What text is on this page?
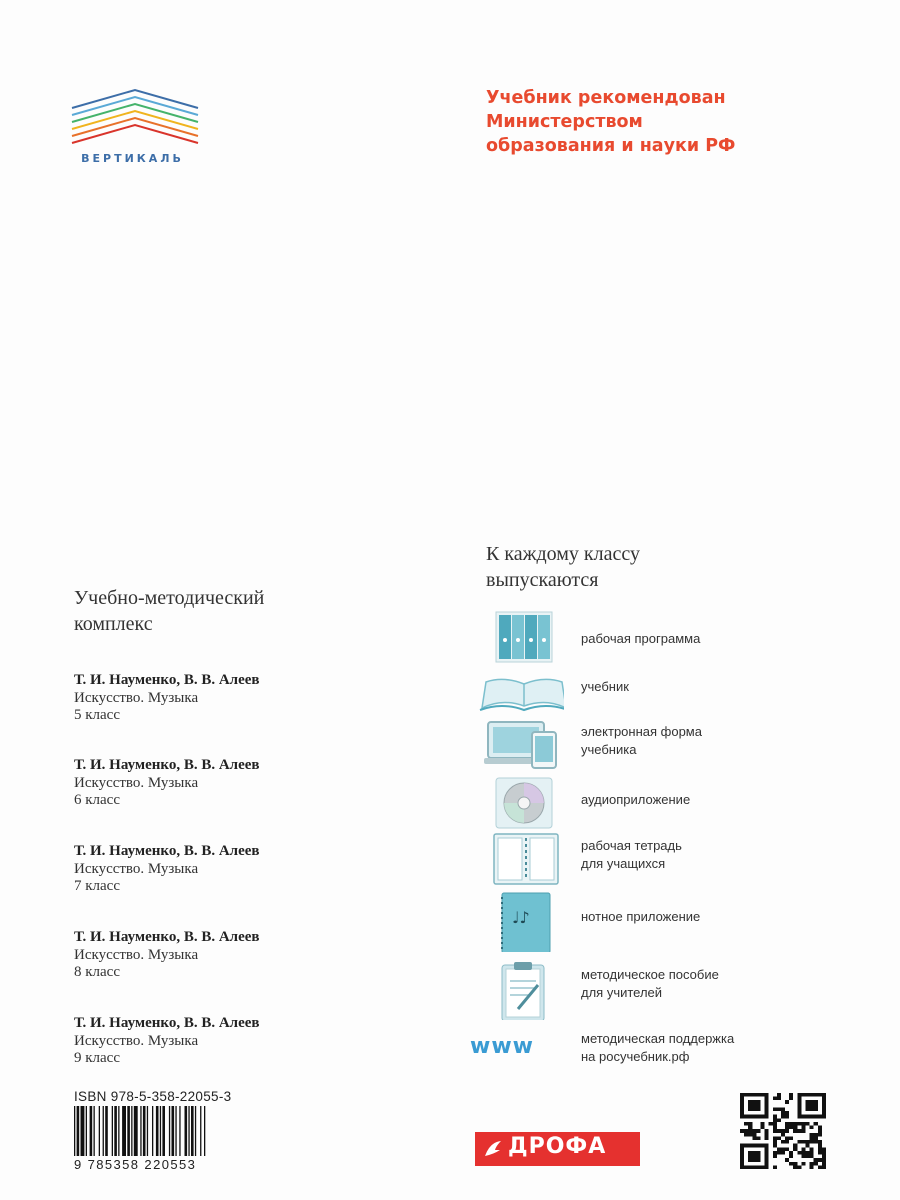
ВЕРТИКАЛЬ
Учебник рекомендован
Министерством
образования и науки РФ
Учебно-методический
комплекс
Т. И. Науменко, В. В. Алеев
Искусство. Музыка
5 класс
Т. И. Науменко, В. В. Алеев
Искусство. Музыка
6 класс
Т. И. Науменко, В. В. Алеев
Искусство. Музыка
7 класс
Т. И. Науменко, В. В. Алеев
Искусство. Музыка
8 класс
Т. И. Науменко, В. В. Алеев
Искусство. Музыка
9 класс
К каждому классу
выпускаются
рабочая программа
учебник
электронная форма
учебника
аудиоприложение
рабочая тетрадь
для учащихся
♩♪	нотное приложение
методическое пособие
для учителей
www	методическая поддержка
на росучебник.рф
ISBN 978-5-358-22055-3
9 785358 220553
ДРОФА
